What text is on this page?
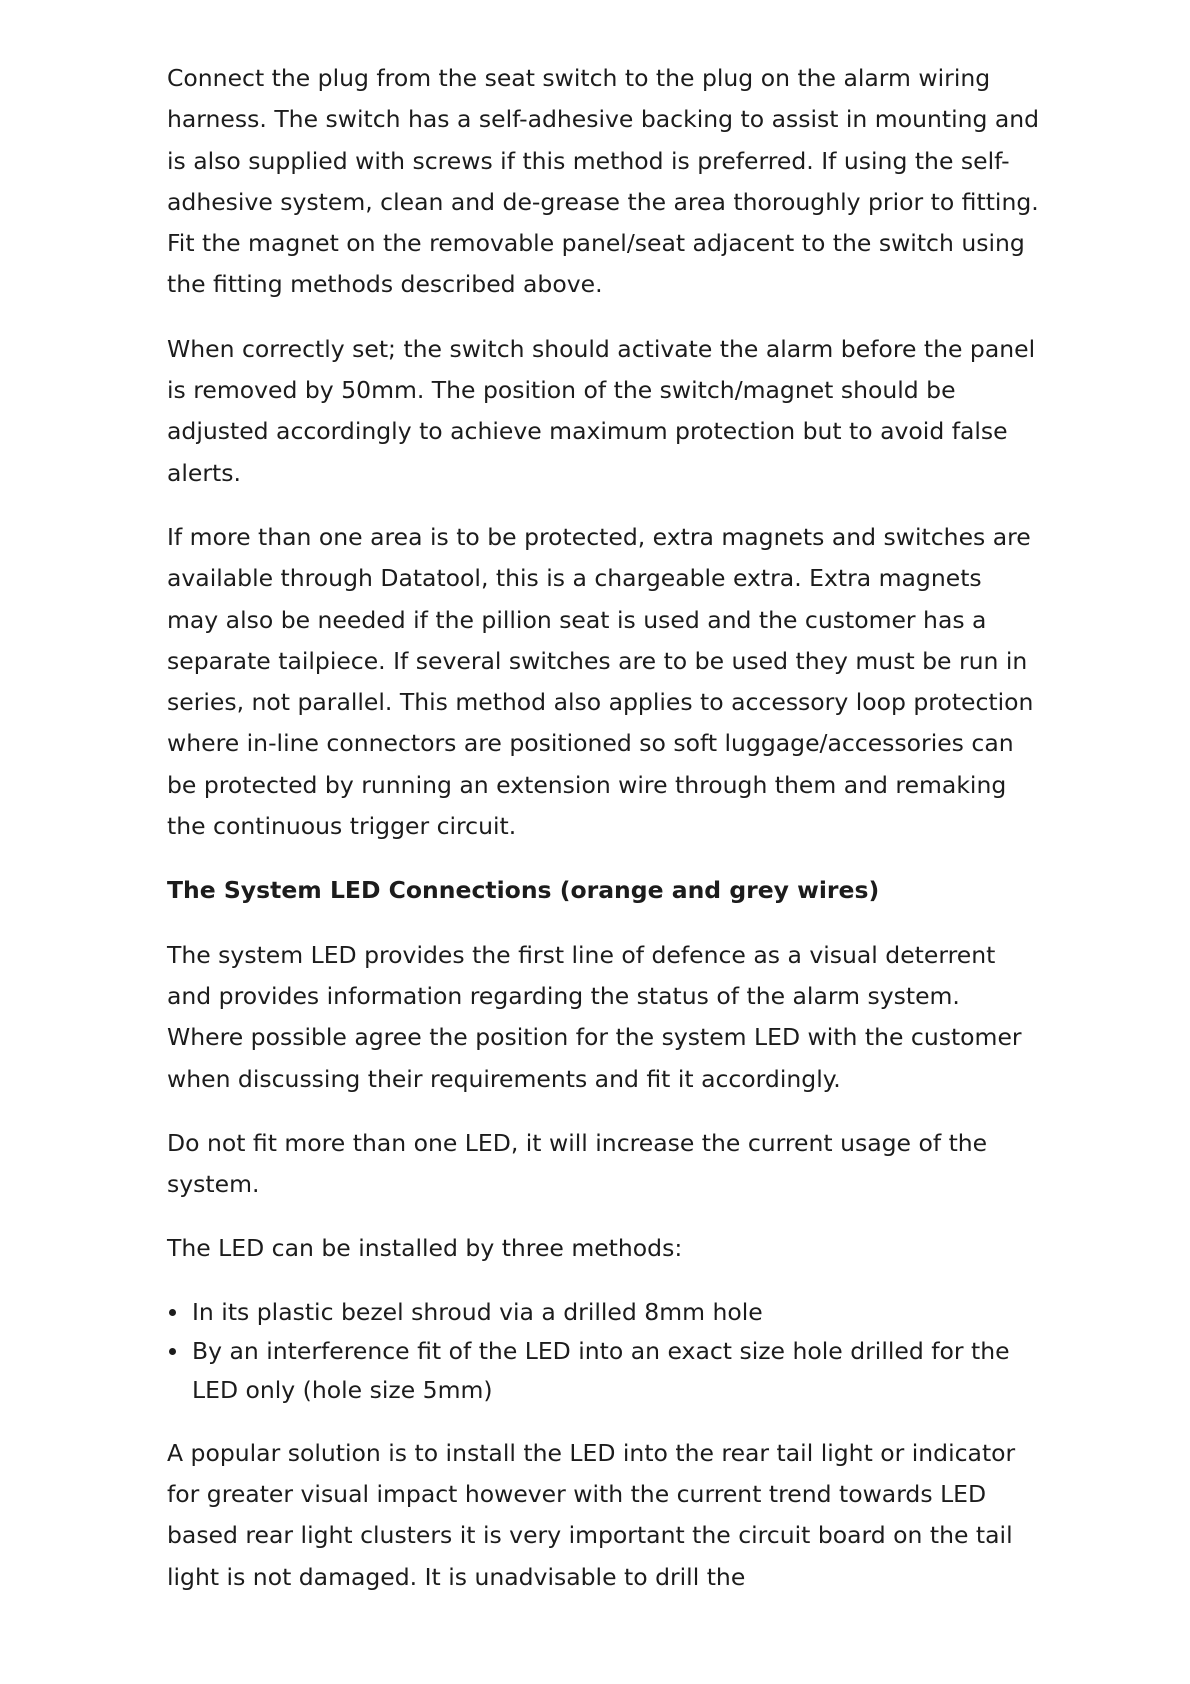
Connect the plug from the seat switch to the plug on the alarm wiring harness. The switch has a self-adhesive backing to assist in mounting and is also supplied with screws if this method is preferred. If using the self-adhesive system, clean and de-grease the area thoroughly prior to fitting. Fit the magnet on the removable panel/seat adjacent to the switch using the fitting methods described above.

When correctly set; the switch should activate the alarm before the panel is removed by 50mm. The position of the switch/magnet should be adjusted accordingly to achieve maximum protection but to avoid false alerts.

If more than one area is to be protected, extra magnets and switches are available through Datatool, this is a chargeable extra. Extra magnets may also be needed if the pillion seat is used and the customer has a separate tailpiece. If several switches are to be used they must be run in series, not parallel. This method also applies to accessory loop protection where in-line connectors are positioned so soft luggage/accessories can be protected by running an extension wire through them and remaking the continuous trigger circuit.

The System LED Connections (orange and grey wires)

The system LED provides the first line of defence as a visual deterrent and provides information regarding the status of the alarm system. Where possible agree the position for the system LED with the customer when discussing their requirements and fit it accordingly.

Do not fit more than one LED, it will increase the current usage of the system.

The LED can be installed by three methods:

In its plastic bezel shroud via a drilled 8mm hole
By an interference fit of the LED into an exact size hole drilled for the LED only (hole size 5mm)

A popular solution is to install the LED into the rear tail light or indicator for greater visual impact however with the current trend towards LED based rear light clusters it is very important the circuit board on the tail light is not damaged. It is unadvisable to drill the
